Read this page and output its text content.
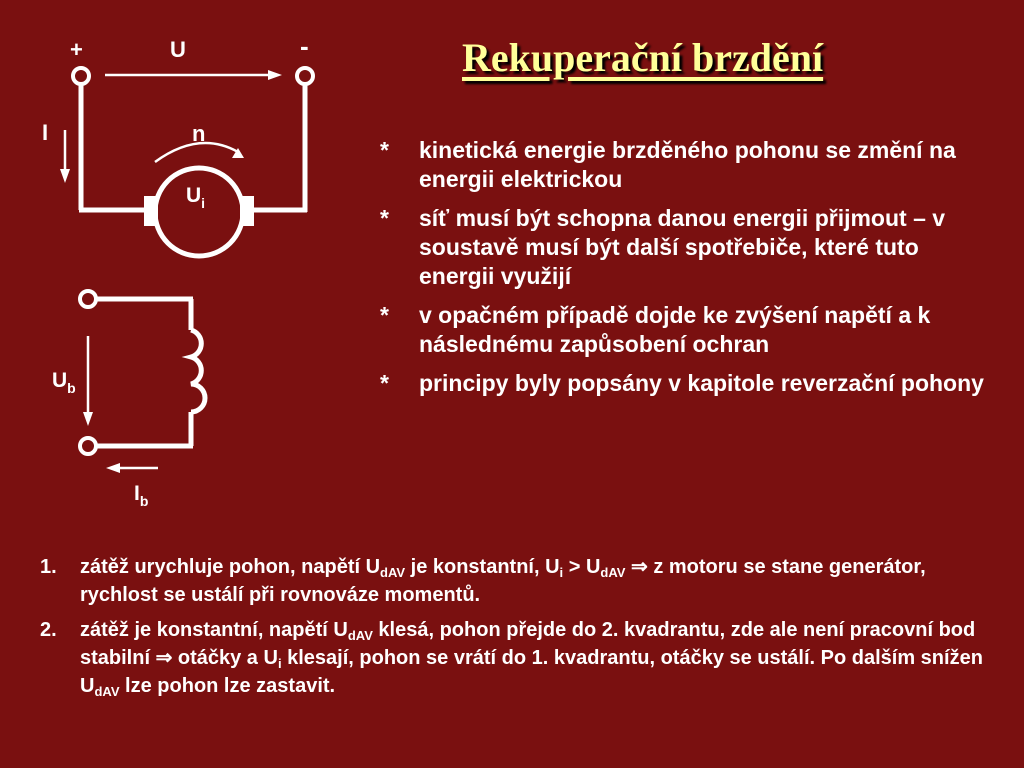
Rekuperační brzdění
+	-
U
I	n
$U_i$
$U_b$
$I_b$
* kinetická energie brzděného pohonu se změní na energii elektrickou
* síť musí být schopna danou energii přijmout – v soustavě musí být další spotřebiče, které tuto energii využijí
* v opačném případě dojde ke zvýšení napětí a k následnému zapůsobení ochran
* principy byly popsány v kapitole reverzační pohony
1. zátěž urychluje pohon, napětí $U_{dAV}$ je konstantní, $U_i > U_{dAV}$ ⇒ z motoru se stane generátor, rychlost se ustálí při rovnováze momentů.
2. zátěž je konstantní, napětí $U_{dAV}$ klesá, pohon přejde do 2. kvadrantu, zde ale není pracovní bod stabilní ⇒ otáčky a $U_i$ klesají, pohon se vrátí do 1. kvadrantu, otáčky se ustálí. Po dalším snížen $U_{dAV}$ lze pohon lze zastavit.
